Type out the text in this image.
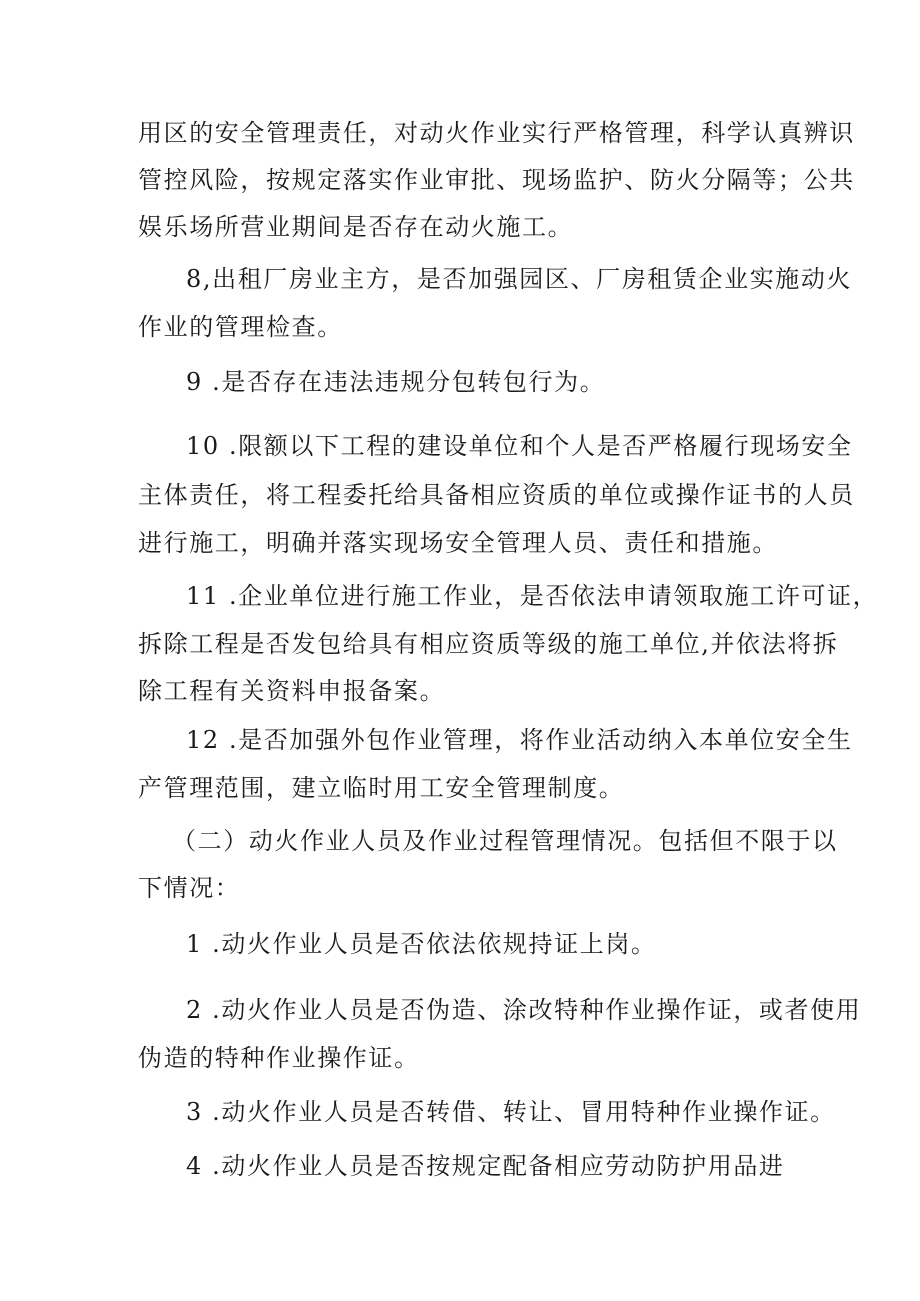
用区的安全管理责任，对动火作业实行严格管理，科学认真辨识
管控风险，按规定落实作业审批、现场监护、防火分隔等；公共
娱乐场所营业期间是否存在动火施工。
8,出租厂房业主方，是否加强园区、厂房租赁企业实施动火
作业的管理检查。
9 .是否存在违法违规分包转包行为。
10 .限额以下工程的建设单位和个人是否严格履行现场安全
主体责任，将工程委托给具备相应资质的单位或操作证书的人员
进行施工，明确并落实现场安全管理人员、责任和措施。
11 .企业单位进行施工作业，是否依法申请领取施工许可证，
拆除工程是否发包给具有相应资质等级的施工单位,并依法将拆
除工程有关资料申报备案。
12 .是否加强外包作业管理，将作业活动纳入本单位安全生
产管理范围，建立临时用工安全管理制度。
（二）动火作业人员及作业过程管理情况。包括但不限于以
下情况：
1 .动火作业人员是否依法依规持证上岗。
2 .动火作业人员是否伪造、涂改特种作业操作证，或者使用
伪造的特种作业操作证。
3 .动火作业人员是否转借、转让、冒用特种作业操作证。
4 .动火作业人员是否按规定配备相应劳动防护用品进
